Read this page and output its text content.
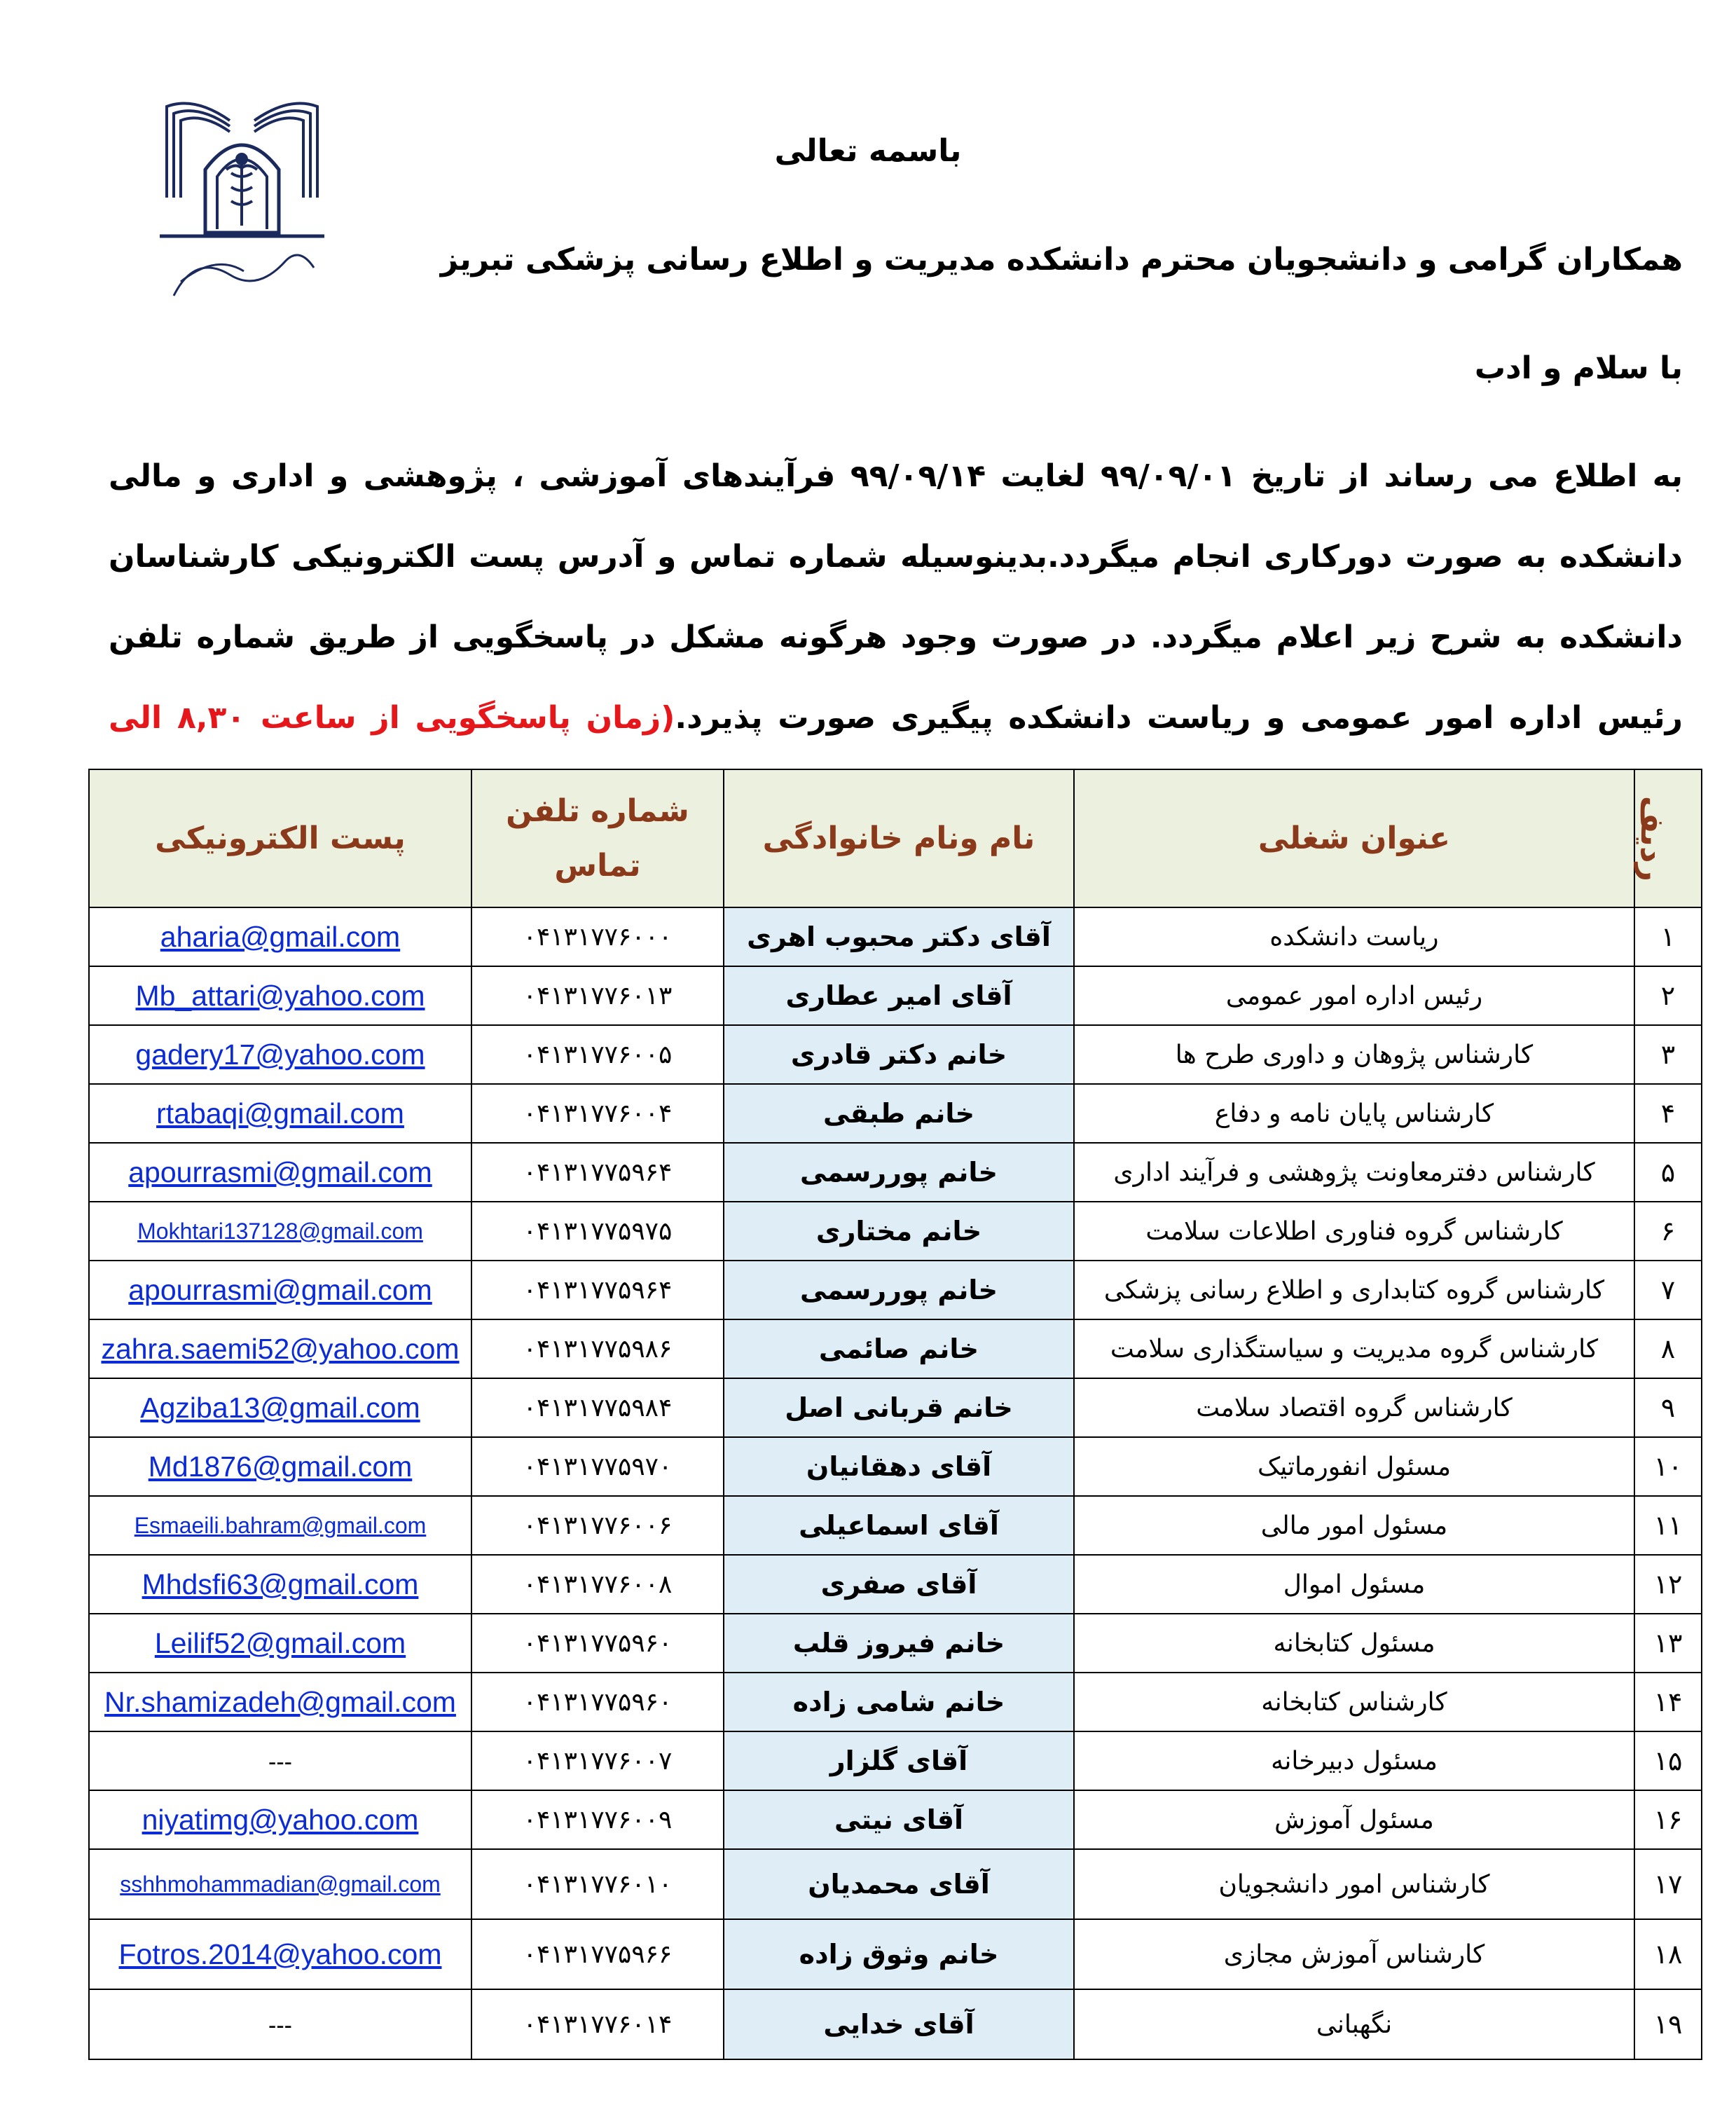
باسمه تعالی
همکاران گرامی و دانشجویان محترم دانشکده مدیریت و اطلاع رسانی پزشکی تبریز
با سلام و ادب
به اطلاع می رساند از تاریخ ۹۹/۰۹/۰۱ لغایت ۹۹/۰۹/۱۴ فرآیندهای آموزشی ، پژوهشی و اداری و مالی دانشکده به صورت دورکاری انجام میگردد.بدینوسیله شماره تماس و آدرس پست الکترونیکی کارشناسان دانشکده به شرح زیر اعلام میگردد. در صورت وجود هرگونه مشکل در پاسخگویی از طریق شماره تلفن رئیس اداره امور عمومی و ریاست دانشکده پیگیری صورت پذیرد.(زمان پاسخگویی از ساعت ۸,۳۰ الی
ردیف	عنوان شغلی	نام ونام خانوادگی	شماره تلفن تماس	پست الکترونیکی
۱	ریاست دانشکده	آقای دکتر محبوب اهری	۰۴۱۳۱۷۷۶۰۰۰	aharia@gmail.com
۲	رئیس اداره امور عمومی	آقای امیر عطاری	۰۴۱۳۱۷۷۶۰۱۳	Mb_attari@yahoo.com
۳	کارشناس پژوهان و داوری طرح ها	خانم دکتر قادری	۰۴۱۳۱۷۷۶۰۰۵	gadery17@yahoo.com
۴	کارشناس پایان نامه و دفاع	خانم طبقی	۰۴۱۳۱۷۷۶۰۰۴	rtabaqi@gmail.com
۵	کارشناس دفترمعاونت پژوهشی و فرآیند اداری	خانم پوررسمی	۰۴۱۳۱۷۷۵۹۶۴	apourrasmi@gmail.com
۶	کارشناس گروه فناوری اطلاعات سلامت	خانم مختاری	۰۴۱۳۱۷۷۵۹۷۵	Mokhtari137128@gmail.com
۷	کارشناس گروه کتابداری و اطلاع رسانی پزشکی	خانم پوررسمی	۰۴۱۳۱۷۷۵۹۶۴	apourrasmi@gmail.com
۸	کارشناس گروه مدیریت و سیاستگذاری سلامت	خانم صائمی	۰۴۱۳۱۷۷۵۹۸۶	zahra.saemi52@yahoo.com
۹	کارشناس گروه اقتصاد سلامت	خانم قربانی اصل	۰۴۱۳۱۷۷۵۹۸۴	Agziba13@gmail.com
۱۰	مسئول انفورماتیک	آقای دهقانیان	۰۴۱۳۱۷۷۵۹۷۰	Md1876@gmail.com
۱۱	مسئول امور مالی	آقای اسماعیلی	۰۴۱۳۱۷۷۶۰۰۶	Esmaeili.bahram@gmail.com
۱۲	مسئول اموال	آقای صفری	۰۴۱۳۱۷۷۶۰۰۸	Mhdsfi63@gmail.com
۱۳	مسئول کتابخانه	خانم فیروز قلب	۰۴۱۳۱۷۷۵۹۶۰	Leilif52@gmail.com
۱۴	کارشناس کتابخانه	خانم شامی زاده	۰۴۱۳۱۷۷۵۹۶۰	Nr.shamizadeh@gmail.com
۱۵	مسئول دبیرخانه	آقای گلزار	۰۴۱۳۱۷۷۶۰۰۷	---
۱۶	مسئول آموزش	آقای نیتی	۰۴۱۳۱۷۷۶۰۰۹	niyatimg@yahoo.com
۱۷	کارشناس امور دانشجویان	آقای محمدیان	۰۴۱۳۱۷۷۶۰۱۰	sshhmohammadian@gmail.com
۱۸	کارشناس آموزش مجازی	خانم وثوق زاده	۰۴۱۳۱۷۷۵۹۶۶	Fotros.2014@yahoo.com
۱۹	نگهبانی	آقای خدایی	۰۴۱۳۱۷۷۶۰۱۴	---
